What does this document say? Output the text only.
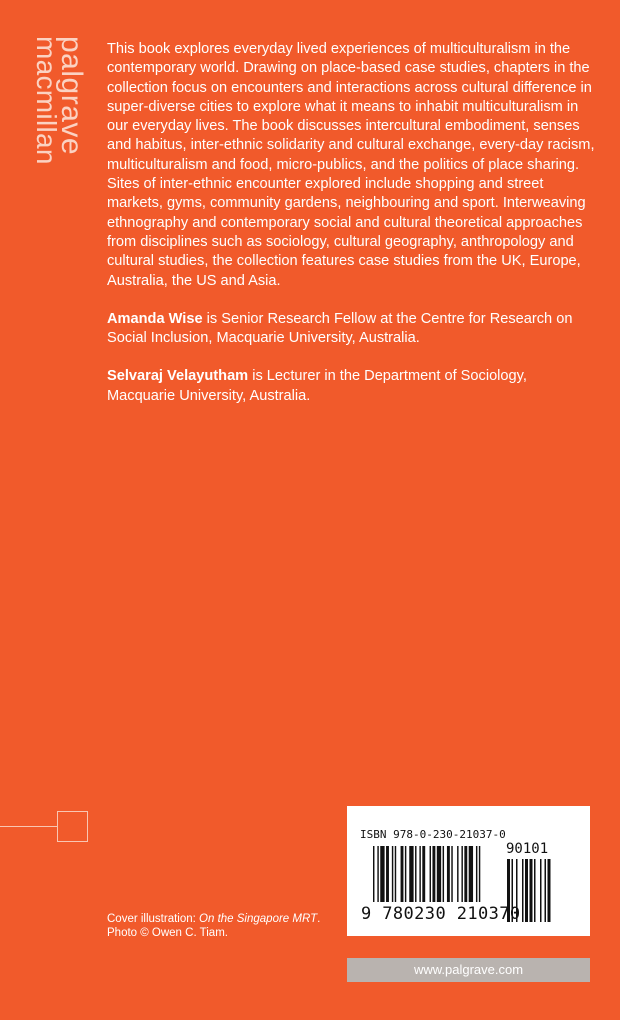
palgrave
macmillan	This book explores everyday lived experiences of multiculturalism in the contemporary world. Drawing on place-based case studies, chapters in the collection focus on encounters and interactions across cultural difference in super-diverse cities to explore what it means to inhabit multiculturalism in our everyday lives. The book discusses intercultural embodiment, senses and habitus, inter-ethnic solidarity and cultural exchange, every-day racism, multiculturalism and food, micro-publics, and the politics of place sharing. Sites of inter-ethnic encounter explored include shopping and street markets, gyms, community gardens, neighbouring and sport. Interweaving ethnography and contemporary social and cultural theoretical approaches from disciplines such as sociology, cultural geography, anthropology and cultural studies, the collection features case studies from the UK, Europe, Australia, the US and Asia.

Amanda Wise is Senior Research Fellow at the Centre for Research on Social Inclusion, Macquarie University, Australia.

Selvaraj Velayutham is Lecturer in the Department of Sociology, Macquarie University, Australia.

ISBN 978-0-230-21037-0
90101
9 780230 210370
Cover illustration: On the Singapore MRT.
Photo © Owen C. Tiam.
www.palgrave.com
